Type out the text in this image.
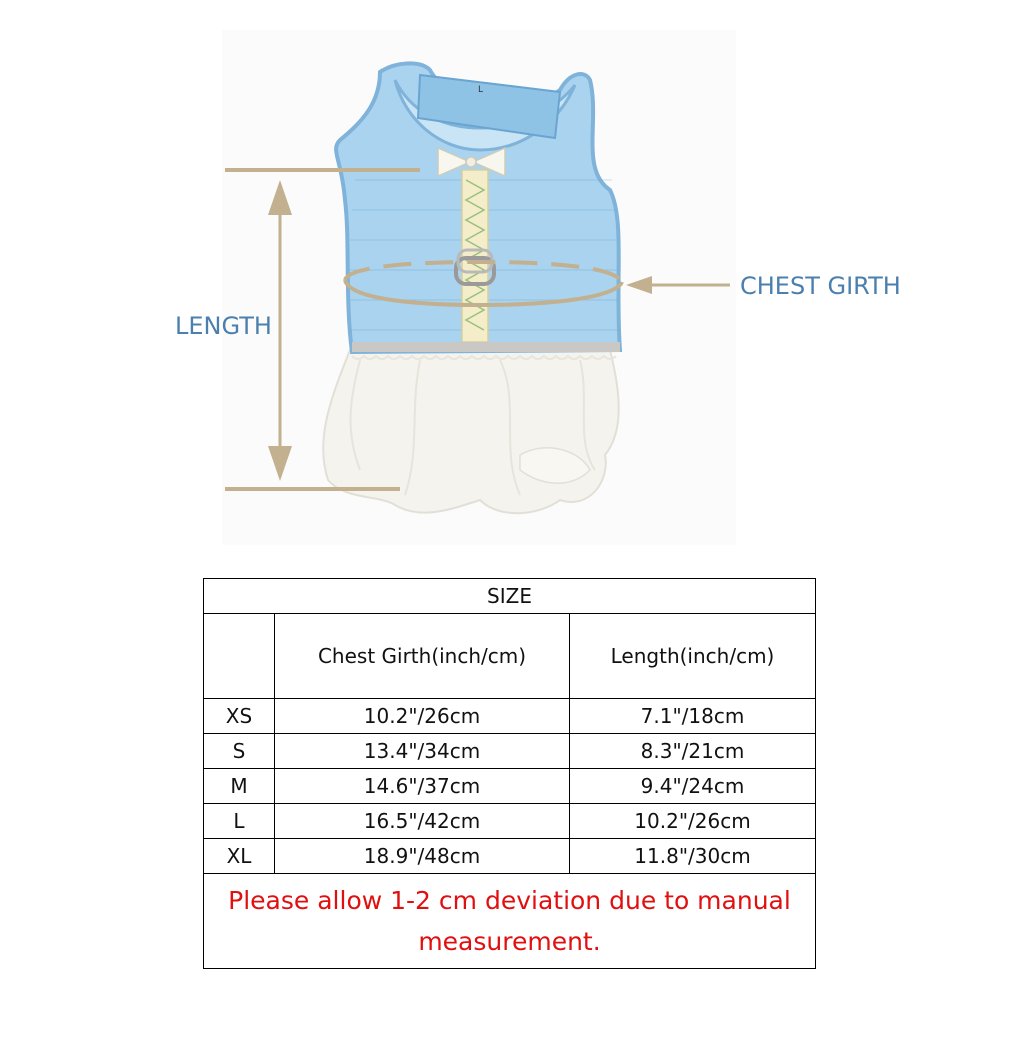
L
LENGTH
CHEST GIRTH
SIZE		
	Chest Girth(inch/cm)	Length(inch/cm)
XS	10.2"/26cm	7.1"/18cm
S	13.4"/34cm	8.3"/21cm
M	14.6"/37cm	9.4"/24cm
L	16.5"/42cm	10.2"/26cm
XL	18.9"/48cm	11.8"/30cm
Please allow 1-2 cm deviation due to manual measurement.		
